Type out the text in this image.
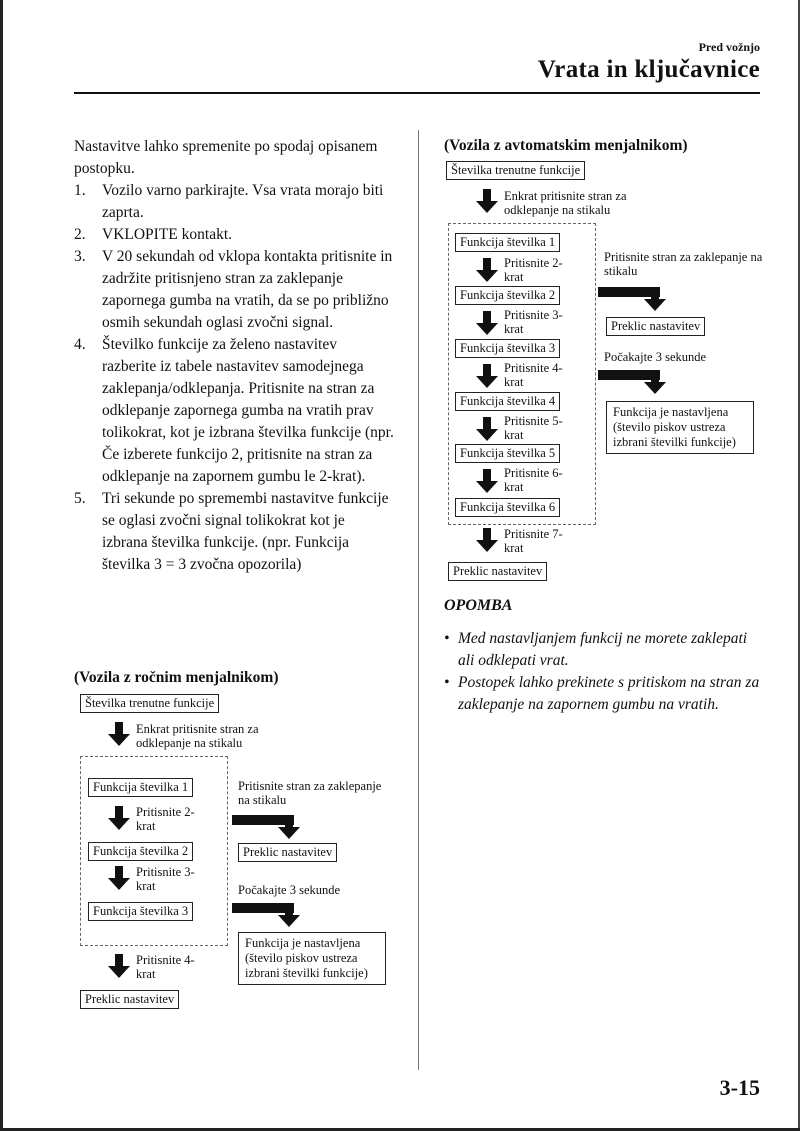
Pred vožnjo
Vrata in ključavnice
Nastavitve lahko spremenite po spodaj opisanem postopku.
1.	Vozilo varno parkirajte. Vsa vrata morajo biti zaprta.
2.	VKLOPITE kontakt.
3.	V 20 sekundah od vklopa kontakta pritisnite in zadržite pritisnjeno stran za zaklepanje zapornega gumba na vratih, da se po približno osmih sekundah oglasi zvočni signal.
4.	Številko funkcije za želeno nastavitev razberite iz tabele nastavitev samodejnega zaklepanja/odklepanja. Pritisnite na stran za odklepanje zapornega gumba na vratih prav tolikokrat, kot je izbrana številka funkcije (npr. Če izberete funkcijo 2, pritisnite na stran za odklepanje na zapornem gumbu le 2-krat).
5.	Tri sekunde po spremembi nastavitve funkcije se oglasi zvočni signal tolikokrat kot je izbrana številka funkcije. (npr. Funkcija številka 3 = 3 zvočna opozorila)
(Vozila z ročnim menjalnikom)
Številka trenutne funkcije
Enkrat pritisnite stran za odklepanje na stikalu
Funkcija številka 1
Pritisnite 2-krat
Funkcija številka 2
Pritisnite 3-krat
Funkcija številka 3
Pritisnite 4-krat
Preklic nastavitev
Pritisnite stran za zaklepanje na stikalu
Preklic nastavitev
Počakajte 3 sekunde
Funkcija je nastavljena (število piskov ustreza izbrani številki funkcije)
(Vozila z avtomatskim menjalnikom)
Številka trenutne funkcije
Enkrat pritisnite stran za odklepanje na stikalu
Funkcija številka 1
Pritisnite 2-krat
Funkcija številka 2
Pritisnite 3-krat
Funkcija številka 3
Pritisnite 4-krat
Funkcija številka 4
Pritisnite 5-krat
Funkcija številka 5
Pritisnite 6-krat
Funkcija številka 6
Pritisnite 7-krat
Preklic nastavitev
Pritisnite stran za zaklepanje na stikalu
Preklic nastavitev
Počakajte 3 sekunde
Funkcija je nastavljena (število piskov ustreza izbrani številki funkcije)
OPOMBA
• Med nastavljanjem funkcij ne morete zaklepati ali odklepati vrat.
• Postopek lahko prekinete s pritiskom na stran za zaklepanje na zapornem gumbu na vratih.
3-15
